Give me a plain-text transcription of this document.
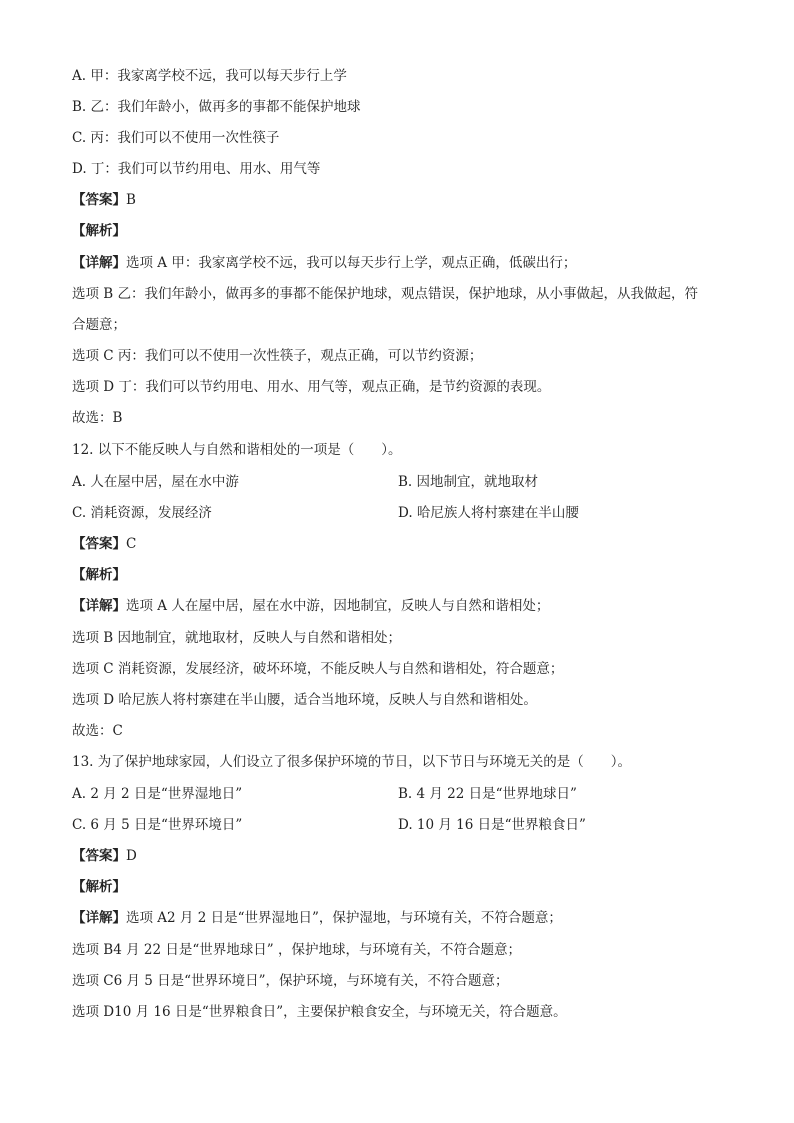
A. 甲：我家离学校不远，我可以每天步行上学
B. 乙：我们年龄小，做再多的事都不能保护地球
C. 丙：我们可以不使用一次性筷子
D. 丁：我们可以节约用电、用水、用气等
【答案】B
【解析】
【详解】选项 A 甲：我家离学校不远，我可以每天步行上学，观点正确，低碳出行；
选项 B 乙：我们年龄小，做再多的事都不能保护地球，观点错误，保护地球，从小事做起，从我做起，符
合题意；
选项 C 丙：我们可以不使用一次性筷子，观点正确，可以节约资源；
选项 D 丁：我们可以节约用电、用水、用气等，观点正确，是节约资源的表现。
故选：B
12. 以下不能反映人与自然和谐相处的一项是（　　）。
A. 人在屋中居，屋在水中游	B. 因地制宜，就地取材
C. 消耗资源，发展经济	D. 哈尼族人将村寨建在半山腰
【答案】C
【解析】
【详解】选项 A 人在屋中居，屋在水中游，因地制宜，反映人与自然和谐相处；
选项 B 因地制宜，就地取材，反映人与自然和谐相处；
选项 C 消耗资源，发展经济，破坏环境，不能反映人与自然和谐相处，符合题意；
选项 D 哈尼族人将村寨建在半山腰，适合当地环境，反映人与自然和谐相处。
故选：C
13. 为了保护地球家园，人们设立了很多保护环境的节日，以下节日与环境无关的是（　　）。
A. 2 月 2 日是“世界湿地日”	B. 4 月 22 日是“世界地球日”
C. 6 月 5 日是“世界环境日”	D. 10 月 16 日是“世界粮食日”
【答案】D
【解析】
【详解】选项 A2 月 2 日是“世界湿地日”，保护湿地，与环境有关，不符合题意；
选项 B4 月 22 日是“世界地球日” ，保护地球，与环境有关，不符合题意；
选项 C6 月 5 日是“世界环境日”，保护环境，与环境有关，不符合题意；
选项 D10 月 16 日是“世界粮食日”，主要保护粮食安全，与环境无关，符合题意。
